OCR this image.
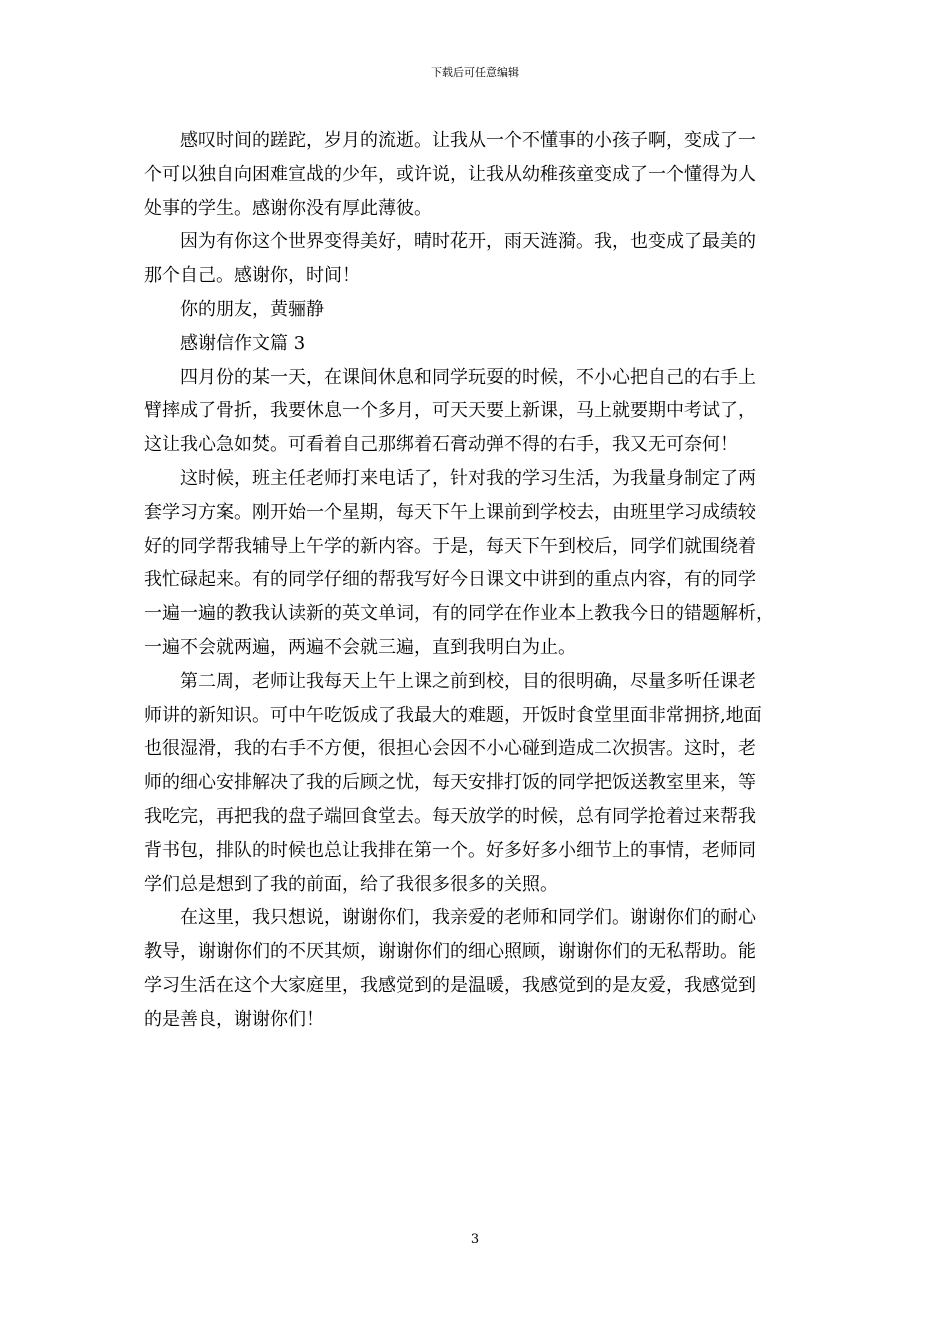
下载后可任意编辑

感叹时间的蹉跎，岁月的流逝。让我从一个不懂事的小孩子啊，变成了一
个可以独自向困难宣战的少年，或许说，让我从幼稚孩童变成了一个懂得为人
处事的学生。感谢你没有厚此薄彼。

因为有你这个世界变得美好，晴时花开，雨天涟漪。我，也变成了最美的
那个自己。感谢你，时间！

你的朋友，黄骊静

感谢信作文篇 3

四月份的某一天，在课间休息和同学玩耍的时候，不小心把自己的右手上
臂摔成了骨折，我要休息一个多月，可天天要上新课，马上就要期中考试了，
这让我心急如焚。可看着自己那绑着石膏动弹不得的右手，我又无可奈何！

这时候，班主任老师打来电话了，针对我的学习生活，为我量身制定了两
套学习方案。刚开始一个星期，每天下午上课前到学校去，由班里学习成绩较
好的同学帮我辅导上午学的新内容。于是，每天下午到校后，同学们就围绕着
我忙碌起来。有的同学仔细的帮我写好今日课文中讲到的重点内容，有的同学
一遍一遍的教我认读新的英文单词，有的同学在作业本上教我今日的错题解析，
一遍不会就两遍，两遍不会就三遍，直到我明白为止。

第二周，老师让我每天上午上课之前到校，目的很明确，尽量多听任课老
师讲的新知识。可中午吃饭成了我最大的难题，开饭时食堂里面非常拥挤,地面
也很湿滑，我的右手不方便，很担心会因不小心碰到造成二次损害。这时，老
师的细心安排解决了我的后顾之忧，每天安排打饭的同学把饭送教室里来，等
我吃完，再把我的盘子端回食堂去。每天放学的时候，总有同学抢着过来帮我
背书包，排队的时候也总让我排在第一个。好多好多小细节上的事情，老师同
学们总是想到了我的前面，给了我很多很多的关照。

在这里，我只想说，谢谢你们，我亲爱的老师和同学们。谢谢你们的耐心
教导，谢谢你们的不厌其烦，谢谢你们的细心照顾，谢谢你们的无私帮助。能
学习生活在这个大家庭里，我感觉到的是温暖，我感觉到的是友爱，我感觉到
的是善良，谢谢你们！

3
